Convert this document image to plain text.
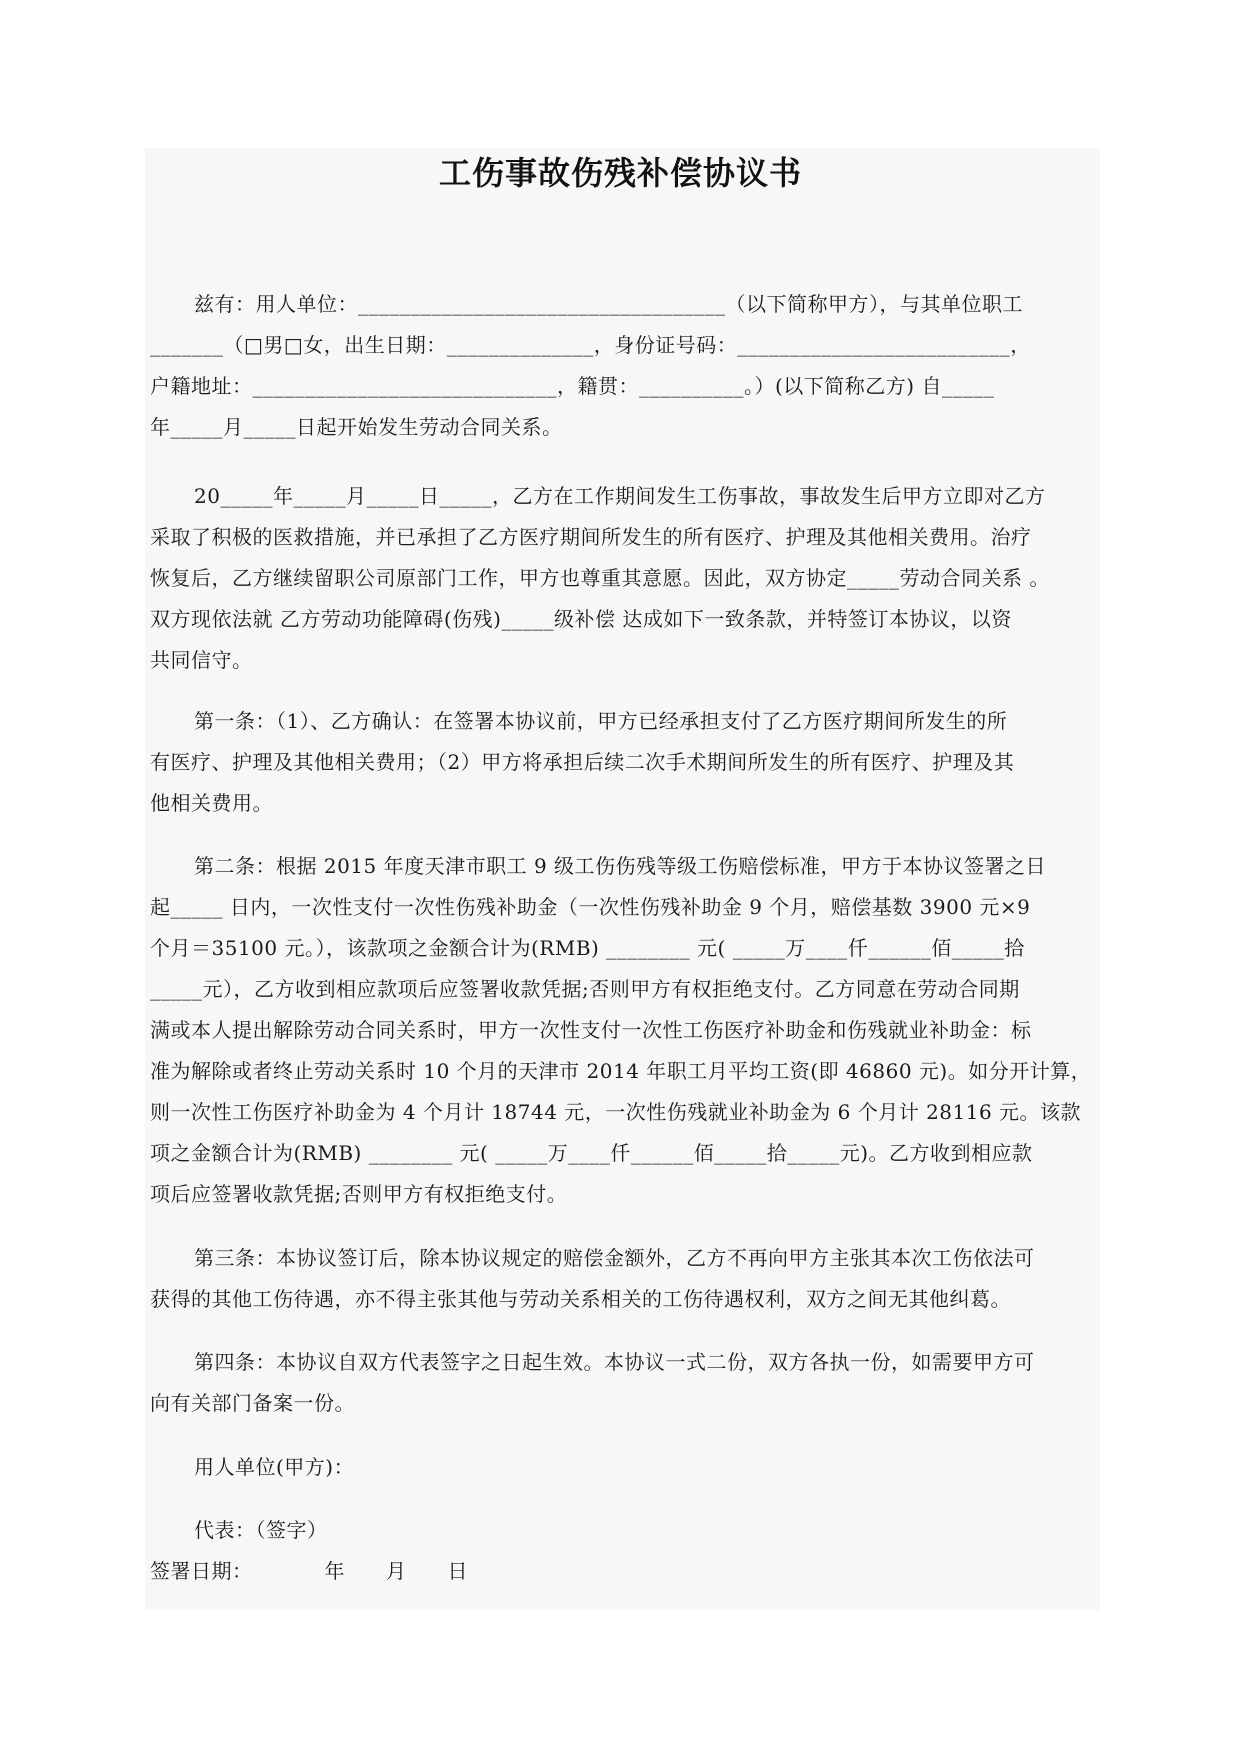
工伤事故伤残补偿协议书
兹有：用人单位：___________________________________（以下简称甲方），与其单位职工
_______（□男□女，出生日期：______________，身份证号码：__________________________，
户籍地址：_____________________________，籍贯：__________。）(以下简称乙方) 自_____
年_____月_____日起开始发生劳动合同关系。
20_____年_____月_____日_____，乙方在工作期间发生工伤事故，事故发生后甲方立即对乙方
采取了积极的医救措施，并已承担了乙方医疗期间所发生的所有医疗、护理及其他相关费用。治疗
恢复后，乙方继续留职公司原部门工作，甲方也尊重其意愿。因此，双方协定_____劳动合同关系 。
双方现依法就 乙方劳动功能障碍(伤残)_____级补偿 达成如下一致条款，并特签订本协议，以资
共同信守。
第一条：（1）、乙方确认：在签署本协议前，甲方已经承担支付了乙方医疗期间所发生的所
有医疗、护理及其他相关费用；（2）甲方将承担后续二次手术期间所发生的所有医疗、护理及其
他相关费用。
第二条：根据 2015 年度天津市职工 9 级工伤伤残等级工伤赔偿标准，甲方于本协议签署之日
起_____ 日内，一次性支付一次性伤残补助金（一次性伤残补助金 9 个月，赔偿基数 3900 元×9
个月＝35100 元。），该款项之金额合计为(RMB) ________ 元( _____万____仟______佰_____拾
_____元），乙方收到相应款项后应签署收款凭据;否则甲方有权拒绝支付。乙方同意在劳动合同期
满或本人提出解除劳动合同关系时，甲方一次性支付一次性工伤医疗补助金和伤残就业补助金：标
准为解除或者终止劳动关系时 10 个月的天津市 2014 年职工月平均工资(即 46860 元)。如分开计算，
则一次性工伤医疗补助金为 4 个月计 18744 元，一次性伤残就业补助金为 6 个月计 28116 元。该款
项之金额合计为(RMB) ________ 元( _____万____仟______佰_____拾_____元)。乙方收到相应款
项后应签署收款凭据;否则甲方有权拒绝支付。
第三条：本协议签订后，除本协议规定的赔偿金额外，乙方不再向甲方主张其本次工伤依法可
获得的其他工伤待遇，亦不得主张其他与劳动关系相关的工伤待遇权利，双方之间无其他纠葛。
第四条：本协议自双方代表签字之日起生效。本协议一式二份，双方各执一份，如需要甲方可
向有关部门备案一份。
用人单位(甲方)：
代表：（签字）
签署日期：　　　　年　　月　　日
